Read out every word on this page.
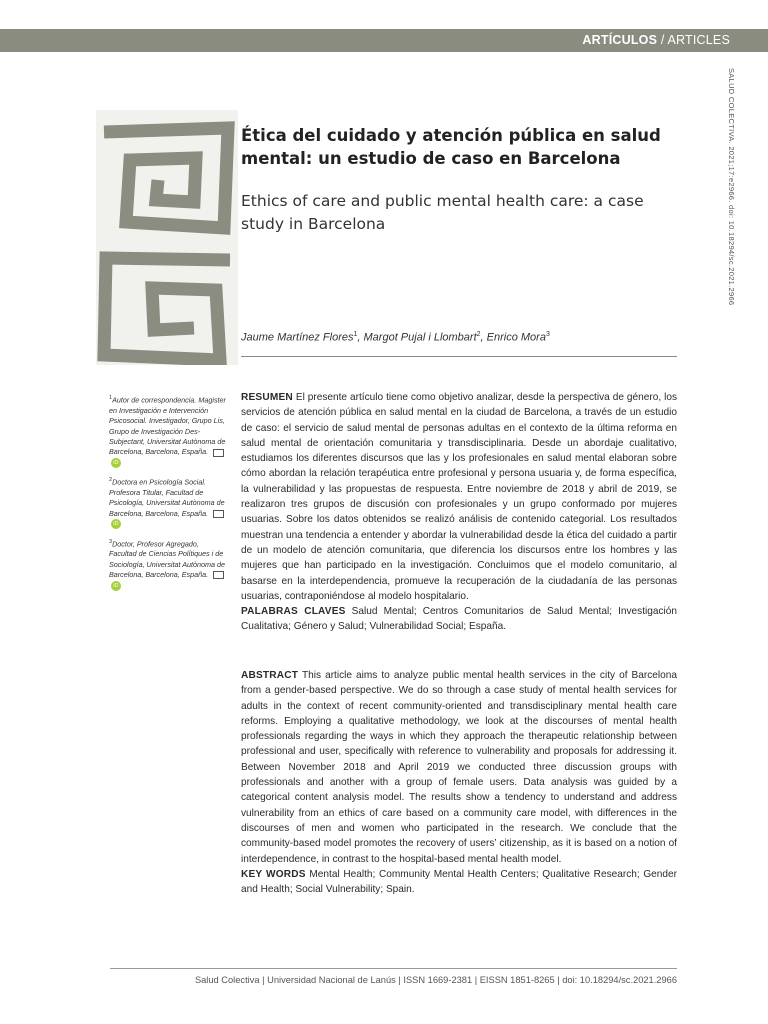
ARTÍCULOS / ARTICLES
SALUD COLECTIVA. 2021;17:e2966. doi: 10.18294/sc.2021.2966
Ética del cuidado y atención pública en salud mental: un estudio de caso en Barcelona
Ethics of care and public mental health care: a case study in Barcelona
Jaume Martínez Flores$^1$, Margot Pujal i Llombart$^2$, Enrico Mora$^3$
$^1$Autor de correspondencia. Magister en Investigación e Intervención Psicosocial. Investigador, Grupo Lis, Grupo de Investigación Des-Subjectant, Universitat Autònoma de Barcelona, Barcelona, España. iD
$^2$Doctora en Psicología Social. Profesora Titular, Facultad de Psicología, Universitat Autònoma de Barcelona, Barcelona, España. iD
$^3$Doctor, Profesor Agregado, Facultad de Ciencias Polítiques i de Sociología, Universitat Autònoma de Barcelona, Barcelona, España. iD

RESUMEN El presente artículo tiene como objetivo analizar, desde la perspectiva de género, los servicios de atención pública en salud mental en la ciudad de Barcelona, a través de un estudio de caso: el servicio de salud mental de personas adultas en el contexto de la última reforma en salud mental de orientación comunitaria y transdisciplinaria. Desde un abordaje cualitativo, estudiamos los diferentes discursos que las y los profesionales en salud mental elaboran sobre cómo abordan la relación terapéutica entre profesional y persona usuaria y, de forma específica, la vulnerabilidad y las propuestas de respuesta. Entre noviembre de 2018 y abril de 2019, se realizaron tres grupos de discusión con profesionales y un grupo conformado por mujeres usuarias. Sobre los datos obtenidos se realizó análisis de contenido categorial. Los resultados muestran una tendencia a entender y abordar la vulnerabilidad desde la ética del cuidado a partir de un modelo de atención comunitaria, que diferencia los discursos entre los hombres y las mujeres que han participado en la investigación. Concluimos que el modelo comunitario, al basarse en la interdependencia, promueve la recuperación de la ciudadanía de las personas usuarias, contraponiéndose al modelo hospitalario.

PALABRAS CLAVES Salud Mental; Centros Comunitarios de Salud Mental; Investigación Cualitativa; Género y Salud; Vulnerabilidad Social; España.

ABSTRACT This article aims to analyze public mental health services in the city of Barcelona from a gender-based perspective. We do so through a case study of mental health services for adults in the context of recent community-oriented and transdisciplinary mental health care reforms. Employing a qualitative methodology, we look at the discourses of mental health professionals regarding the ways in which they approach the therapeutic relationship between professional and user, specifically with reference to vulnerability and proposals for addressing it. Between November 2018 and April 2019 we conducted three discussion groups with professionals and another with a group of female users. Data analysis was guided by a categorical content analysis model. The results show a tendency to understand and address vulnerability from an ethics of care based on a community care model, with differences in the discourses of men and women who participated in the research. We conclude that the community-based model promotes the recovery of users’ citizenship, as it is based on a notion of interdependence, in contrast to the hospital-based mental health model.

KEY WORDS Mental Health; Community Mental Health Centers; Qualitative Research; Gender and Health; Social Vulnerability; Spain.

Salud Colectiva | Universidad Nacional de Lanús | ISSN 1669-2381 | EISSN 1851-8265 | doi: 10.18294/sc.2021.2966
